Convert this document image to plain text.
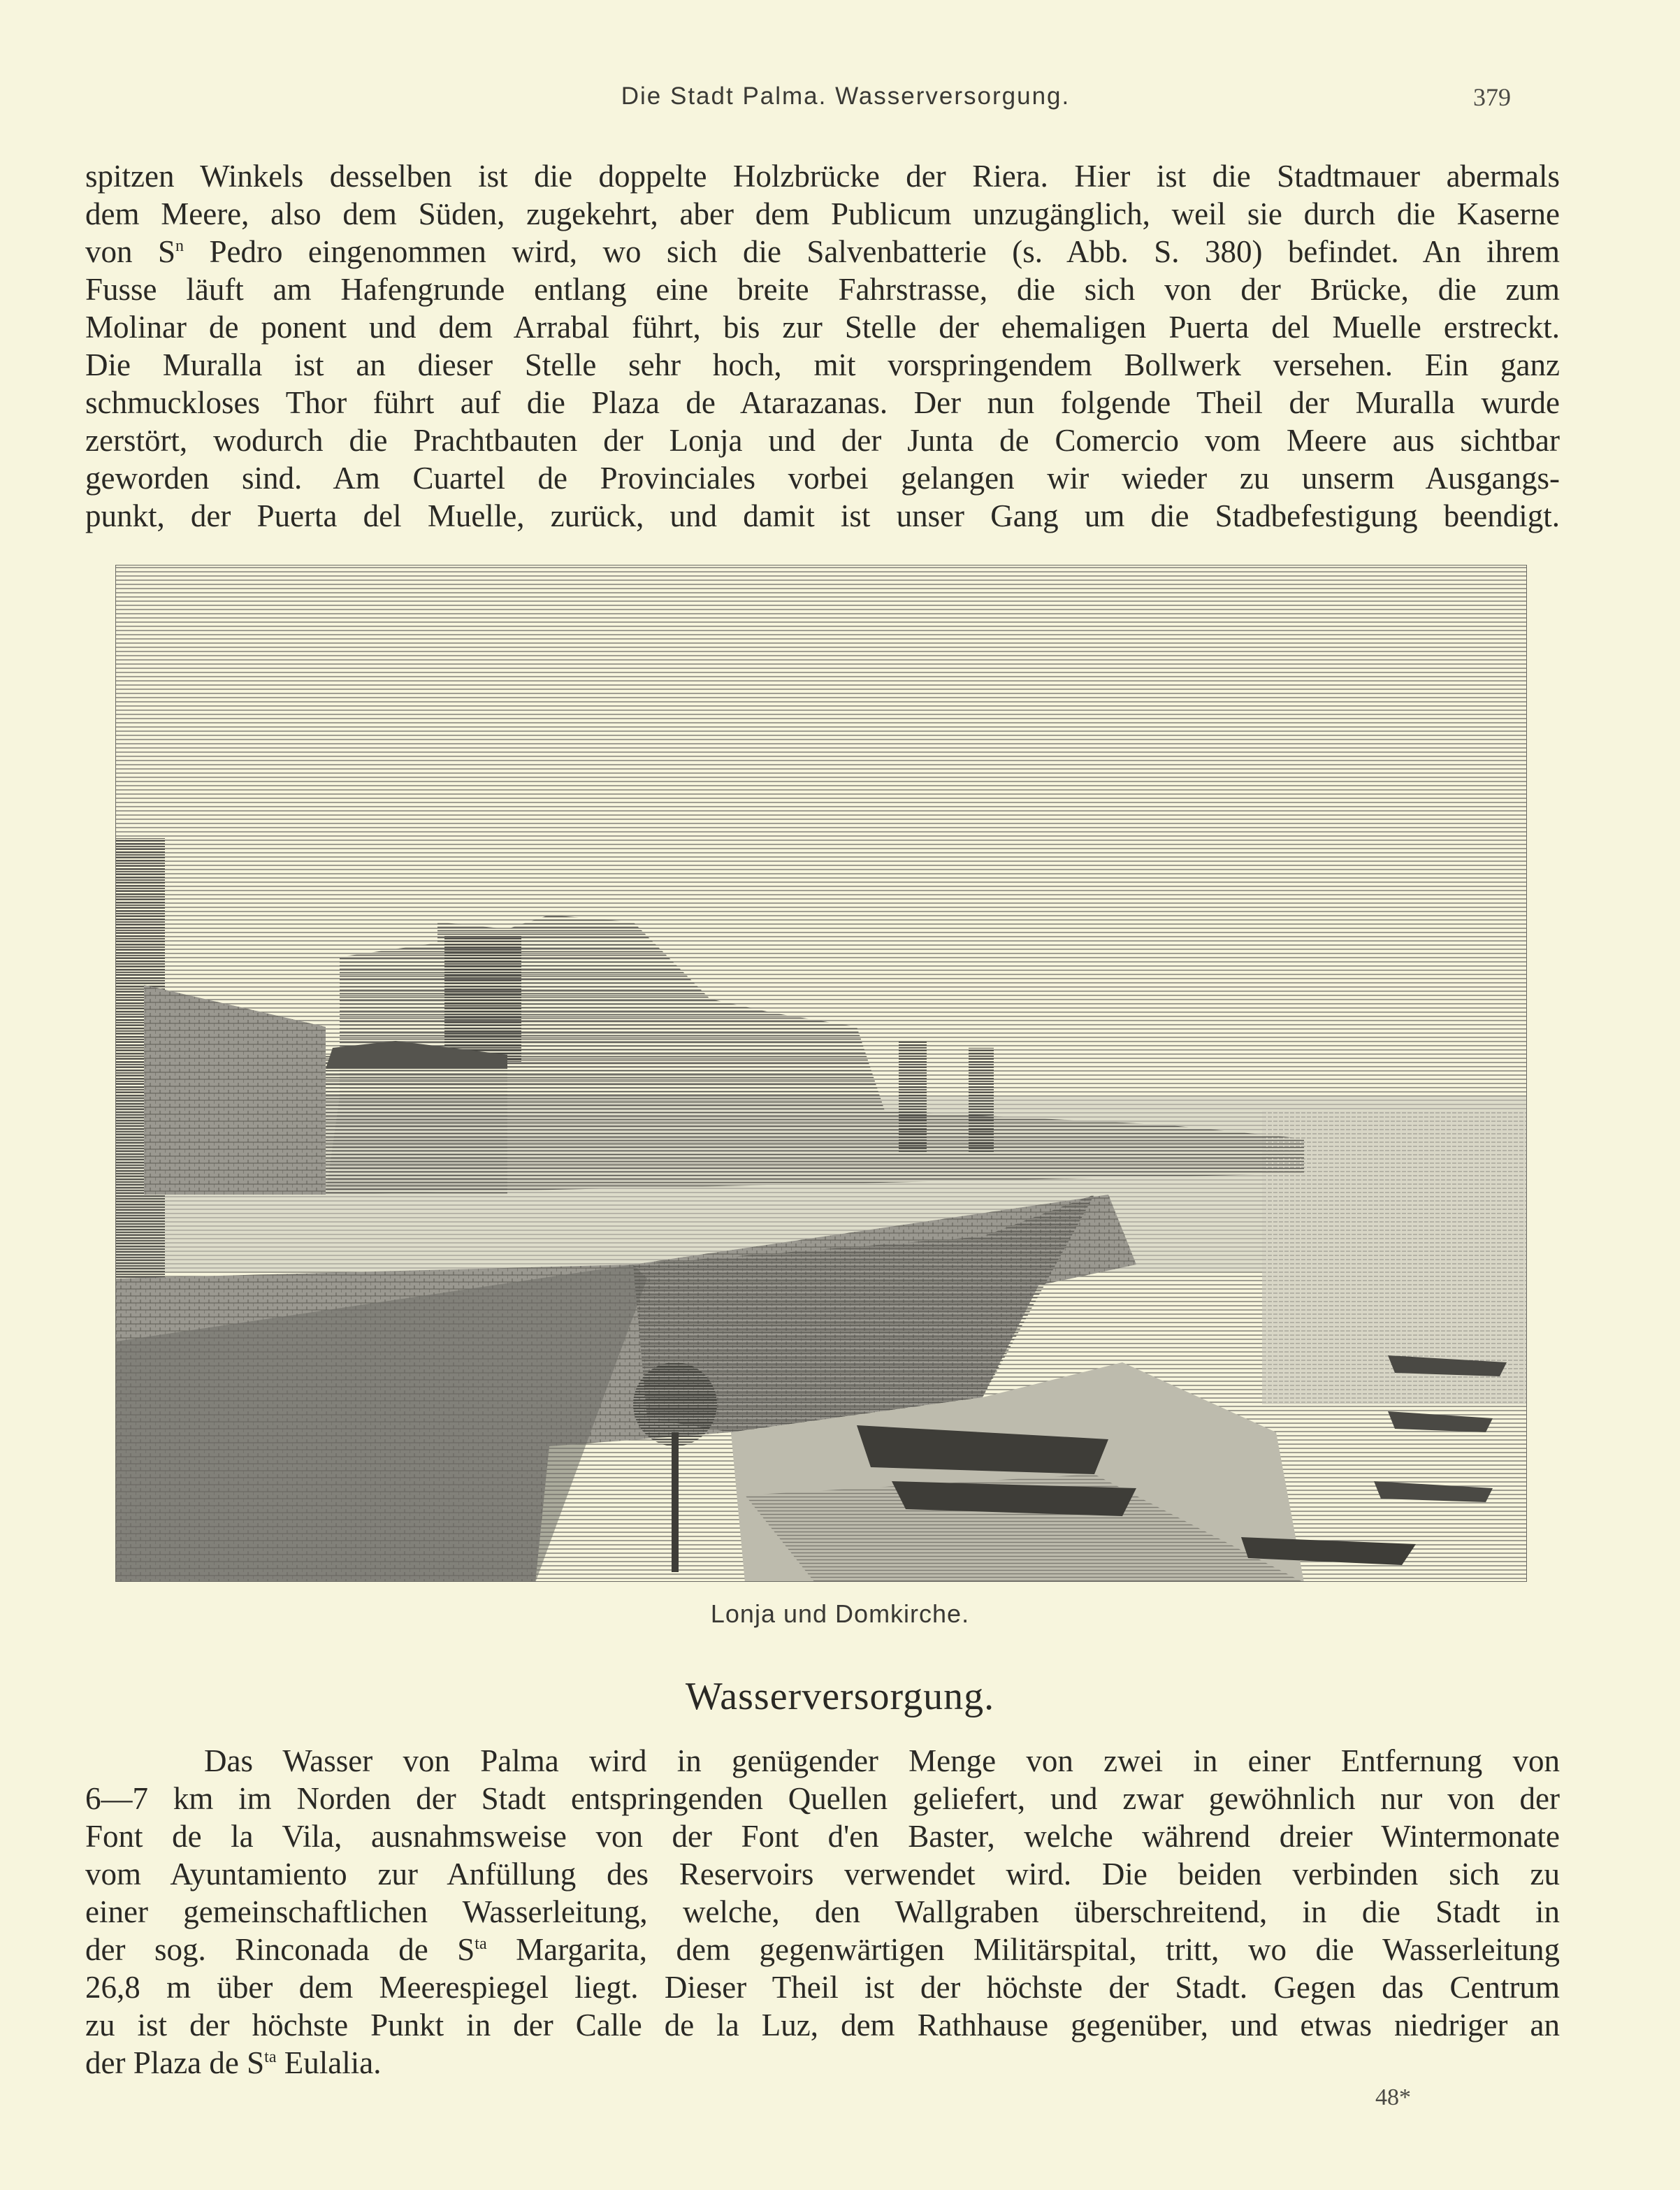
Die Stadt Palma. Wasserversorgung.	379
spitzen Winkels desselben ist die doppelte Holzbrücke der Riera. Hier ist die Stadtmauer abermals
dem Meere, also dem Süden, zugekehrt, aber dem Publicum unzugänglich, weil sie durch die Kaserne
von $S^n$ Pedro eingenommen wird, wo sich die Salvenbatterie (s. Abb. S. 380) befindet. An ihrem
Fusse läuft am Hafengrunde entlang eine breite Fahrstrasse, die sich von der Brücke, die zum
Molinar de ponent und dem Arrabal führt, bis zur Stelle der ehemaligen Puerta del Muelle erstreckt.
Die Muralla ist an dieser Stelle sehr hoch, mit vorspringendem Bollwerk versehen. Ein ganz
schmuckloses Thor führt auf die Plaza de Atarazanas. Der nun folgende Theil der Muralla wurde
zerstört, wodurch die Prachtbauten der Lonja und der Junta de Comercio vom Meere aus sichtbar
geworden sind. Am Cuartel de Provinciales vorbei gelangen wir wieder zu unserm Ausgangs-
punkt, der Puerta del Muelle, zurück, und damit ist unser Gang um die Stadbefestigung beendigt.
Lonja und Domkirche.
Wasserversorgung.
Das Wasser von Palma wird in genügender Menge von zwei in einer Entfernung von
6—7 km im Norden der Stadt entspringenden Quellen geliefert, und zwar gewöhnlich nur von der
Font de la Vila, ausnahmsweise von der Font d'en Baster, welche während dreier Wintermonate
vom Ayuntamiento zur Anfüllung des Reservoirs verwendet wird. Die beiden verbinden sich zu
einer gemeinschaftlichen Wasserleitung, welche, den Wallgraben überschreitend, in die Stadt in
der sog. Rinconada de $S^{ta}$ Margarita, dem gegenwärtigen Militärspital, tritt, wo die Wasserleitung
26,8 m über dem Meerespiegel liegt. Dieser Theil ist der höchste der Stadt. Gegen das Centrum
zu ist der höchste Punkt in der Calle de la Luz, dem Rathhause gegenüber, und etwas niedriger an
der Plaza de $S^{ta}$ Eulalia.
48*
